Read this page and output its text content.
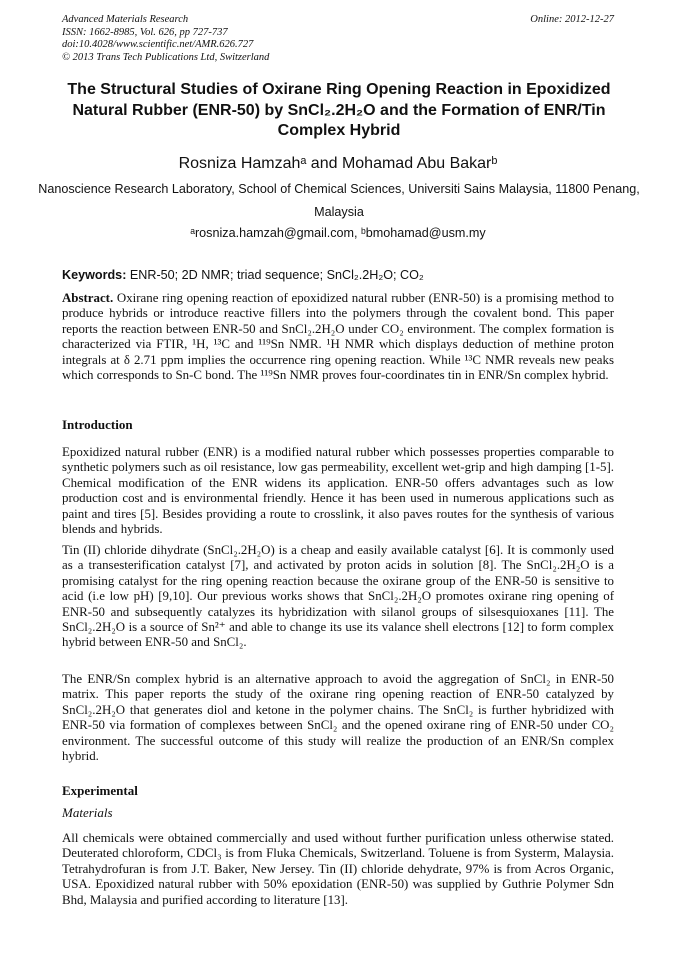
Advanced Materials Research
ISSN: 1662-8985, Vol. 626, pp 727-737
doi:10.4028/www.scientific.net/AMR.626.727
© 2013 Trans Tech Publications Ltd, Switzerland
Online: 2012-12-27
The Structural Studies of Oxirane Ring Opening Reaction in Epoxidized Natural Rubber (ENR-50) by SnCl₂.2H₂O and the Formation of ENR/Tin Complex Hybrid
Rosniza Hamzahᵃ and Mohamad Abu Bakarᵇ
Nanoscience Research Laboratory, School of Chemical Sciences, Universiti Sains Malaysia, 11800 Penang, Malaysia
ᵃrosniza.hamzah@gmail.com, ᵇbmohamad@usm.my
Keywords: ENR-50; 2D NMR; triad sequence; SnCl₂.2H₂O; CO₂

Abstract. Oxirane ring opening reaction of epoxidized natural rubber (ENR-50) is a promising method to produce hybrids or introduce reactive fillers into the polymers through the covalent bond. This paper reports the reaction between ENR-50 and SnCl₂.2H₂O under CO₂ environment. The complex formation is characterized via FTIR, ¹H, ¹³C and ¹¹⁹Sn NMR. ¹H NMR which displays deduction of methine proton integrals at δ 2.71 ppm implies the occurrence ring opening reaction. While ¹³C NMR reveals new peaks which corresponds to Sn-C bond. The ¹¹⁹Sn NMR proves four-coordinates tin in ENR/Sn complex hybrid.

Introduction

Epoxidized natural rubber (ENR) is a modified natural rubber which possesses properties comparable to synthetic polymers such as oil resistance, low gas permeability, excellent wet-grip and high damping [1-5]. Chemical modification of the ENR widens its application. ENR-50 offers advantages such as low production cost and is environmental friendly. Hence it has been used in numerous applications such as paint and tires [5]. Besides providing a route to crosslink, it also paves routes for the synthesis of various blends and hybrids.

Tin (II) chloride dihydrate (SnCl₂.2H₂O) is a cheap and easily available catalyst [6]. It is commonly used as a transesterification catalyst [7], and activated by proton acids in solution [8]. The SnCl₂.2H₂O is a promising catalyst for the ring opening reaction because the oxirane group of the ENR-50 is sensitive to acid (i.e low pH) [9,10]. Our previous works shows that SnCl₂.2H₂O promotes oxirane ring opening of ENR-50 and subsequently catalyzes its hybridization with silanol groups of silsesquioxanes [11]. The SnCl₂.2H₂O is a source of Sn²⁺ and able to change its use its valance shell electrons [12] to form complex hybrid between ENR-50 and SnCl₂.

The ENR/Sn complex hybrid is an alternative approach to avoid the aggregation of SnCl₂ in ENR-50 matrix. This paper reports the study of the oxirane ring opening reaction of ENR-50 catalyzed by SnCl₂.2H₂O that generates diol and ketone in the polymer chains. The SnCl₂ is further hybridized with ENR-50 via formation of complexes between SnCl₂ and the opened oxirane ring of ENR-50 under CO₂ environment. The successful outcome of this study will realize the production of an ENR/Sn complex hybrid.

Experimental
Materials

All chemicals were obtained commercially and used without further purification unless otherwise stated. Deuterated chloroform, CDCl₃ is from Fluka Chemicals, Switzerland. Toluene is from Systerm, Malaysia. Tetrahydrofuran is from J.T. Baker, New Jersey. Tin (II) chloride dehydrate, 97% is from Acros Organic, USA. Epoxidized natural rubber with 50% epoxidation (ENR-50) was supplied by Guthrie Polymer Sdn Bhd, Malaysia and purified according to literature [13].
